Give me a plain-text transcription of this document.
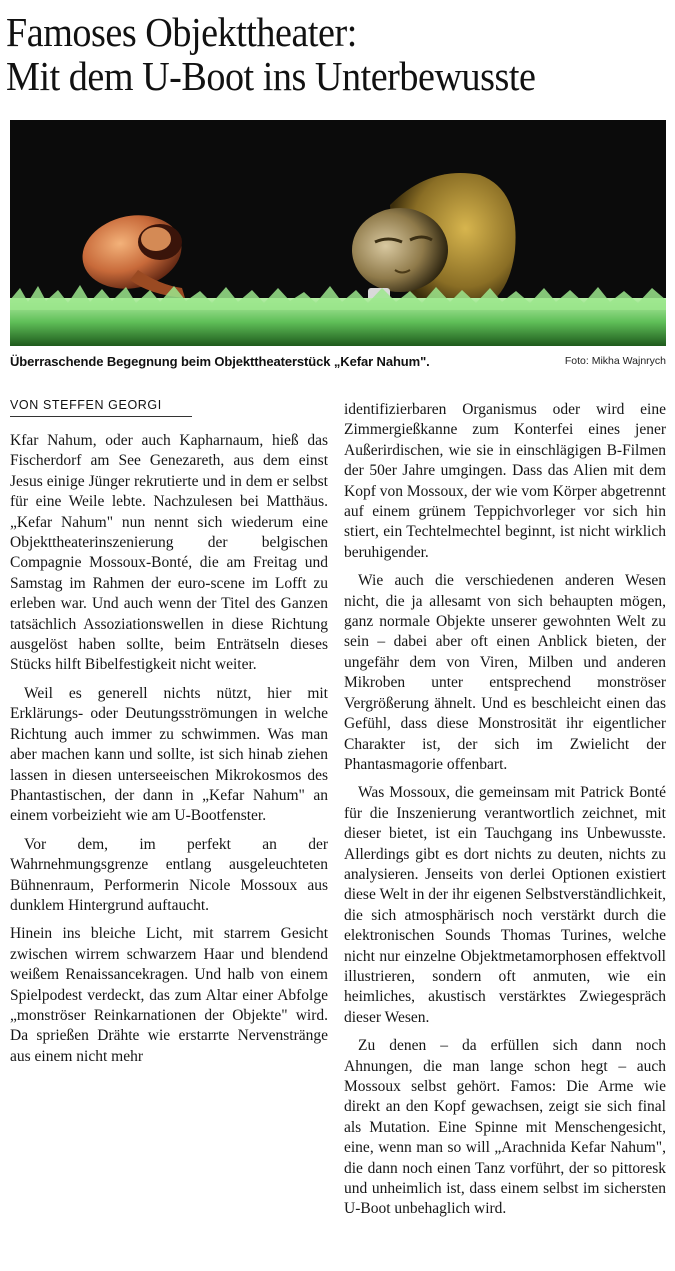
Famoses Objekttheater:
Mit dem U-Boot ins Unterbewusste
Überraschende Begegnung beim Objekttheaterstück „Kefar Nahum".	Foto: Mikha Wajnrych
VON STEFFEN GEORGI

Kfar Nahum, oder auch Kapharnaum, hieß das Fischerdorf am See Genezareth, aus dem einst Jesus einige Jünger rekrutierte und in dem er selbst für eine Weile lebte. Nachzulesen bei Matthäus. „Kefar Nahum" nun nennt sich wiederum eine Objekttheaterinszenierung der belgischen Compagnie Mossoux-Bonté, die am Freitag und Samstag im Rahmen der euro-scene im Lofft zu erleben war. Und auch wenn der Titel des Ganzen tatsächlich Assoziationswellen in diese Richtung ausgelöst haben sollte, beim Enträtseln dieses Stücks hilft Bibelfestigkeit nicht weiter.

Weil es generell nichts nützt, hier mit Erklärungs- oder Deutungsströmungen in welche Richtung auch immer zu schwimmen. Was man aber machen kann und sollte, ist sich hinab ziehen lassen in diesen unterseeischen Mikrokosmos des Phantastischen, der dann in „Kefar Nahum" an einem vorbeizieht wie am U-Bootfenster.

Vor dem, im perfekt an der Wahrnehmungsgrenze entlang ausgeleuchteten Bühnenraum, Performerin Nicole Mossoux aus dunklem Hintergrund auftaucht.

Hinein ins bleiche Licht, mit starrem Gesicht zwischen wirrem schwarzem Haar und blendend weißem Renaissancekragen. Und halb von einem Spielpodest verdeckt, das zum Altar einer Abfolge „monströser Reinkarnationen der Objekte" wird. Da sprießen Drähte wie erstarrte Nervenstränge aus einem nicht mehr

identifizierbaren Organismus oder wird eine Zimmergießkanne zum Konterfei eines jener Außerirdischen, wie sie in einschlägigen B-Filmen der 50er Jahre umgingen. Dass das Alien mit dem Kopf von Mossoux, der wie vom Körper abgetrennt auf einem grünem Teppichvorleger vor sich hin stiert, ein Techtelmechtel beginnt, ist nicht wirklich beruhigender.

Wie auch die verschiedenen anderen Wesen nicht, die ja allesamt von sich behaupten mögen, ganz normale Objekte unserer gewohnten Welt zu sein – dabei aber oft einen Anblick bieten, der ungefähr dem von Viren, Milben und anderen Mikroben unter entsprechend monströser Vergrößerung ähnelt. Und es beschleicht einen das Gefühl, dass diese Monstrosität ihr eigentlicher Charakter ist, der sich im Zwielicht der Phantasmagorie offenbart.

Was Mossoux, die gemeinsam mit Patrick Bonté für die Inszenierung verantwortlich zeichnet, mit dieser bietet, ist ein Tauchgang ins Unbewusste. Allerdings gibt es dort nichts zu deuten, nichts zu analysieren. Jenseits von derlei Optionen existiert diese Welt in der ihr eigenen Selbstverständlichkeit, die sich atmosphärisch noch verstärkt durch die elektronischen Sounds Thomas Turines, welche nicht nur einzelne Objektmetamorphosen effektvoll illustrieren, sondern oft anmuten, wie ein heimliches, akustisch verstärktes Zwiegespräch dieser Wesen.

Zu denen – da erfüllen sich dann noch Ahnungen, die man lange schon hegt – auch Mossoux selbst gehört. Famos: Die Arme wie direkt an den Kopf gewachsen, zeigt sie sich final als Mutation. Eine Spinne mit Menschengesicht, eine, wenn man so will „Arachnida Kefar Nahum", die dann noch einen Tanz vorführt, der so pittoresk und unheimlich ist, dass einem selbst im sichersten U-Boot unbehaglich wird.
